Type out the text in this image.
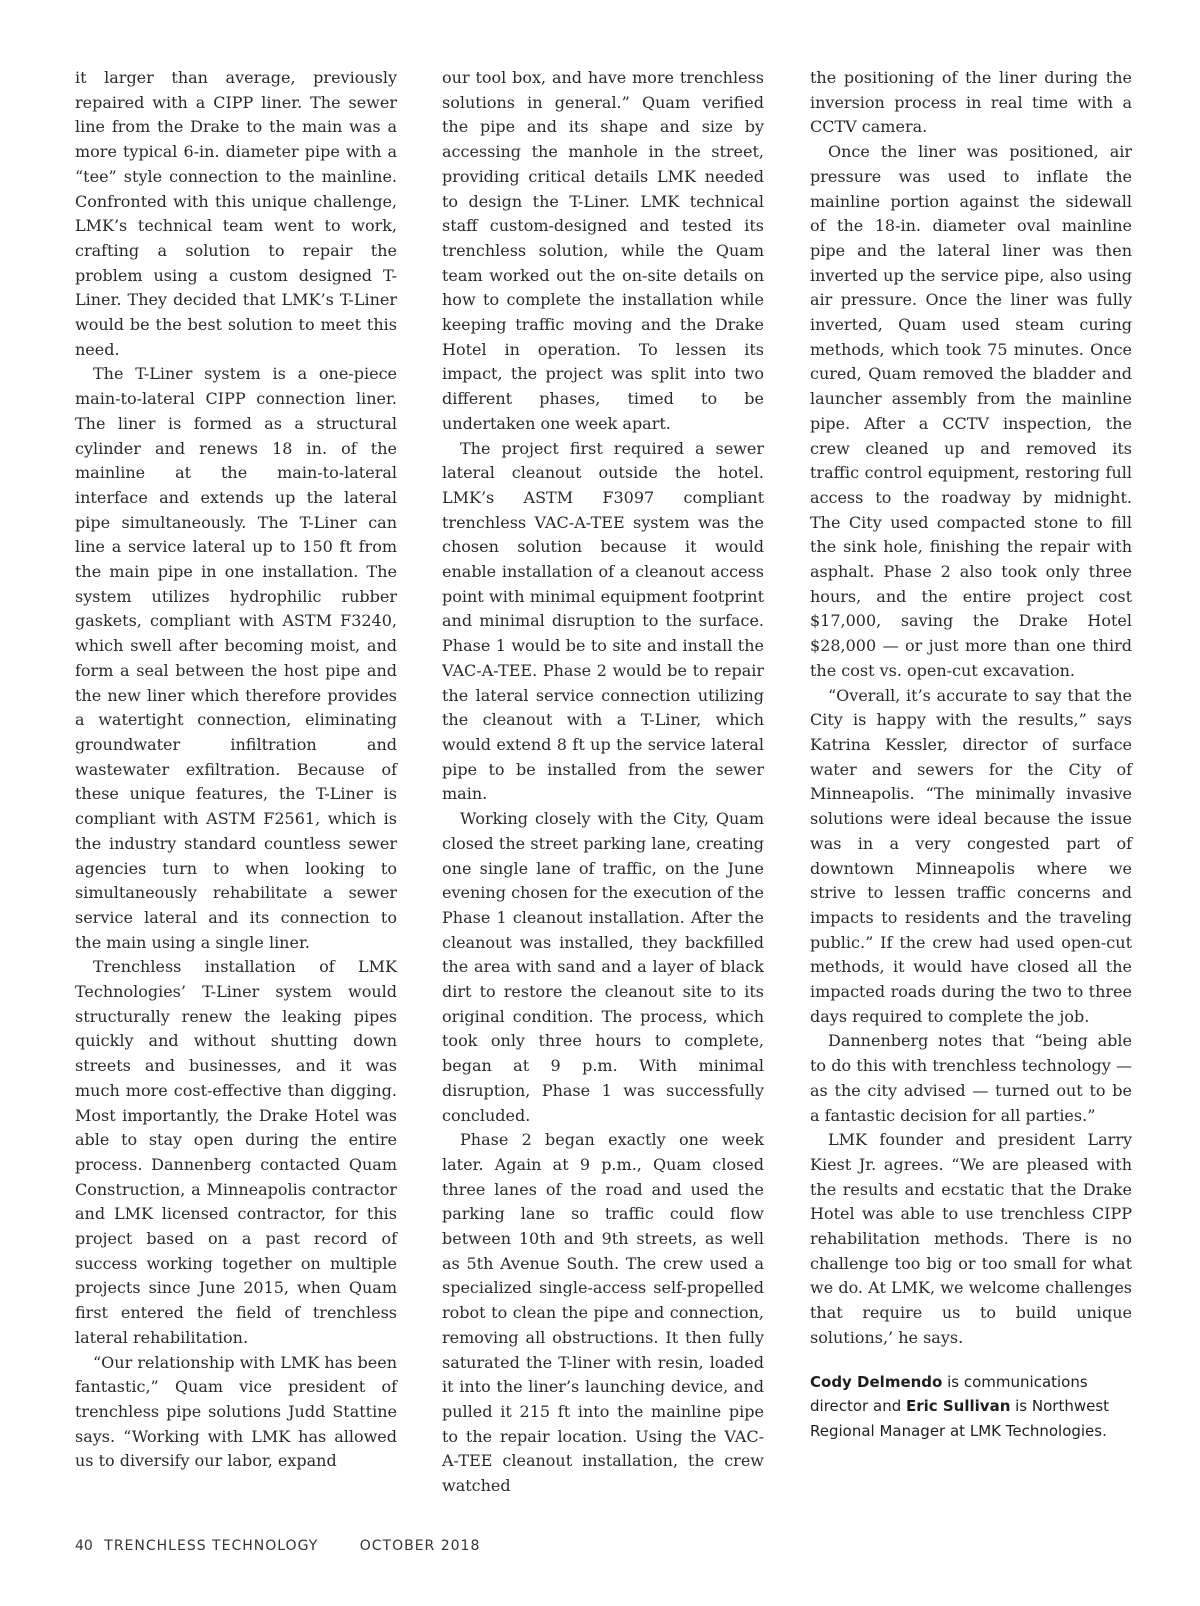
it larger than average, previously repaired with a CIPP liner. The sewer line from the Drake to the main was a more typical 6-in. diameter pipe with a “tee” style connection to the mainline. Confronted with this unique challenge, LMK’s technical team went to work, crafting a solution to repair the problem using a custom designed T-Liner. They decided that LMK’s T-Liner would be the best solution to meet this need.

The T-Liner system is a one-piece main-to-lateral CIPP connection liner. The liner is formed as a structural cylinder and renews 18 in. of the mainline at the main-to-lateral interface and extends up the lateral pipe simultaneously. The T-Liner can line a service lateral up to 150 ft from the main pipe in one installation. The system utilizes hydrophilic rubber gaskets, compliant with ASTM F3240, which swell after becoming moist, and form a seal between the host pipe and the new liner which therefore provides a watertight connection, eliminating groundwater infiltration and wastewater exfiltration. Because of these unique features, the T-Liner is compliant with ASTM F2561, which is the industry standard countless sewer agencies turn to when looking to simultaneously rehabilitate a sewer service lateral and its connection to the main using a single liner.

Trenchless installation of LMK Technologies’ T-Liner system would structurally renew the leaking pipes quickly and without shutting down streets and businesses, and it was much more cost-effective than digging. Most importantly, the Drake Hotel was able to stay open during the entire process. Dannenberg contacted Quam Construction, a Minneapolis contractor and LMK licensed contractor, for this project based on a past record of success working together on multiple projects since June 2015, when Quam first entered the field of trenchless lateral rehabilitation.

“Our relationship with LMK has been fantastic,” Quam vice president of trenchless pipe solutions Judd Stattine says. “Working with LMK has allowed us to diversify our labor, expand

our tool box, and have more trenchless solutions in general.” Quam verified the pipe and its shape and size by accessing the manhole in the street, providing critical details LMK needed to design the T-Liner. LMK technical staff custom-designed and tested its trenchless solution, while the Quam team worked out the on-site details on how to complete the installation while keeping traffic moving and the Drake Hotel in operation. To lessen its impact, the project was split into two different phases, timed to be undertaken one week apart.

The project first required a sewer lateral cleanout outside the hotel. LMK’s ASTM F3097 compliant trenchless VAC-A-TEE system was the chosen solution because it would enable installation of a cleanout access point with minimal equipment footprint and minimal disruption to the surface. Phase 1 would be to site and install the VAC-A-TEE. Phase 2 would be to repair the lateral service connection utilizing the cleanout with a T-Liner, which would extend 8 ft up the service lateral pipe to be installed from the sewer main.

Working closely with the City, Quam closed the street parking lane, creating one single lane of traffic, on the June evening chosen for the execution of the Phase 1 cleanout installation. After the cleanout was installed, they backfilled the area with sand and a layer of black dirt to restore the cleanout site to its original condition. The process, which took only three hours to complete, began at 9 p.m. With minimal disruption, Phase 1 was successfully concluded.

Phase 2 began exactly one week later. Again at 9 p.m., Quam closed three lanes of the road and used the parking lane so traffic could flow between 10th and 9th streets, as well as 5th Avenue South. The crew used a specialized single-access self-propelled robot to clean the pipe and connection, removing all obstructions. It then fully saturated the T-liner with resin, loaded it into the liner’s launching device, and pulled it 215 ft into the mainline pipe to the repair location. Using the VAC-A-TEE cleanout installation, the crew watched

the positioning of the liner during the inversion process in real time with a CCTV camera.

Once the liner was positioned, air pressure was used to inflate the mainline portion against the sidewall of the 18-in. diameter oval mainline pipe and the lateral liner was then inverted up the service pipe, also using air pressure. Once the liner was fully inverted, Quam used steam curing methods, which took 75 minutes. Once cured, Quam removed the bladder and launcher assembly from the mainline pipe. After a CCTV inspection, the crew cleaned up and removed its traffic control equipment, restoring full access to the roadway by midnight. The City used compacted stone to fill the sink hole, finishing the repair with asphalt. Phase 2 also took only three hours, and the entire project cost $17,000, saving the Drake Hotel $28,000 — or just more than one third the cost vs. open-cut excavation.

“Overall, it’s accurate to say that the City is happy with the results,” says Katrina Kessler, director of surface water and sewers for the City of Minneapolis. “The minimally invasive solutions were ideal because the issue was in a very congested part of downtown Minneapolis where we strive to lessen traffic concerns and impacts to residents and the traveling public.” If the crew had used open-cut methods, it would have closed all the impacted roads during the two to three days required to complete the job.

Dannenberg notes that “being able to do this with trenchless technology — as the city advised — turned out to be a fantastic decision for all parties.”

LMK founder and president Larry Kiest Jr. agrees. “We are pleased with the results and ecstatic that the Drake Hotel was able to use trenchless CIPP rehabilitation methods. There is no challenge too big or too small for what we do. At LMK, we welcome challenges that require us to build unique solutions,’ he says.

Cody Delmendo is communications director and Eric Sullivan is Northwest Regional Manager at LMK Technologies.

40 TRENCHLESS TECHNOLOGY	OCTOBER 2018
